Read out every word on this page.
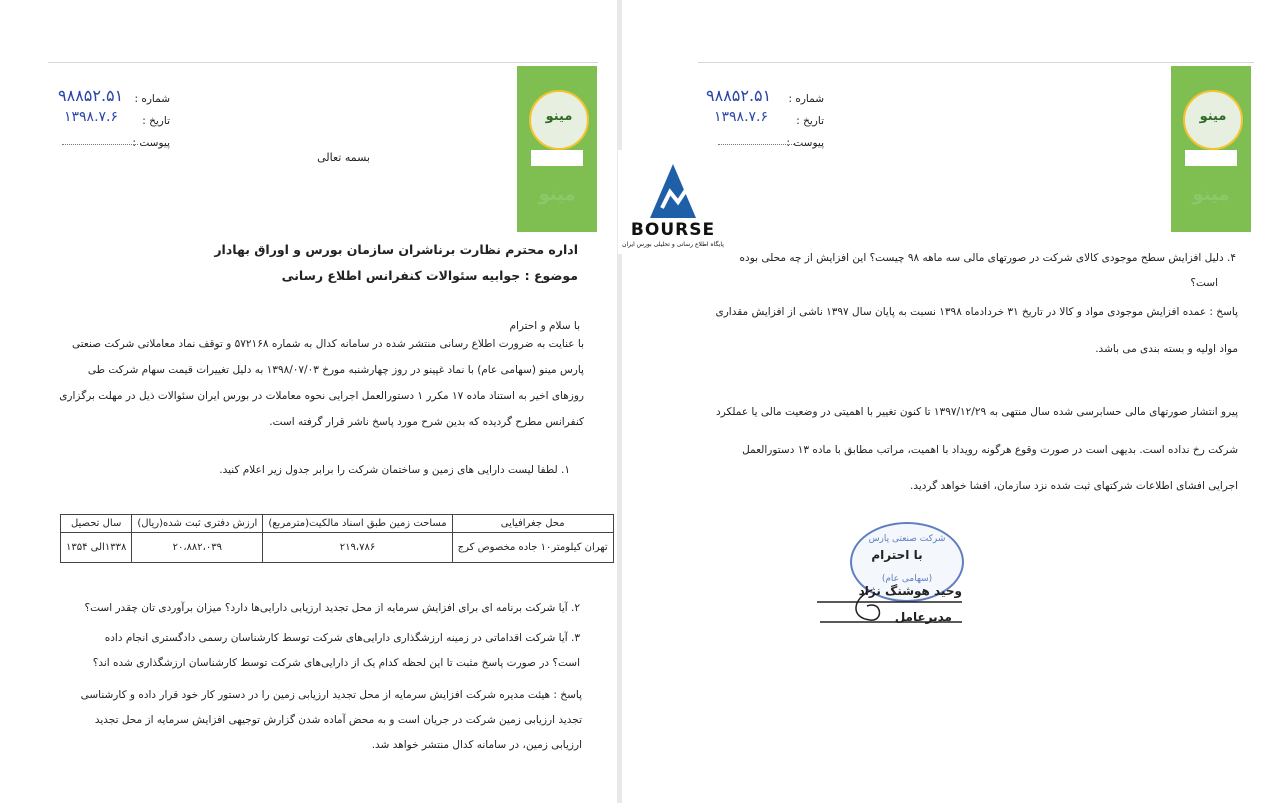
شماره :
۹۸۸۵۲.۵۱
تاریخ :
۱۳۹۸.۷.۶
پیوست :
مینو
شرکت صنعتی پارس
مینو
(سهامی عام)
بسمه تعالی
اداره محترم نظارت برناشران سازمان بورس و اوراق بهادار
موضوع : جوابیه سئوالات کنفرانس اطلاع رسانی
با سلام و احترام
با عنایت به ضرورت اطلاع رسانی منتشر شده در سامانه کدال به شماره ۵۷۲۱۶۸ و توقف نماد معاملاتی شرکت صنعتی
پارس مینو (سهامی عام) با نماد غپینو در روز چهارشنبه مورخ ۱۳۹۸/۰۷/۰۳ به دلیل تغییرات قیمت سهام شرکت طی
روزهای اخیر به استناد ماده ۱۷ مکرر ۱ دستورالعمل اجرایی نحوه معاملات در بورس ایران سئوالات ذیل در مهلت برگزاری
کنفرانس مطرح گردیده که بدین شرح مورد پاسخ ناشر قرار گرفته است.
۱. لطفا لیست دارایی های زمین و ساختمان شرکت را برابر جدول زیر اعلام کنید.
محل جغرافیایی	مساحت زمین طبق اسناد مالکیت(مترمربع)	ارزش دفتری ثبت شده(ریال)	سال تحصیل
تهران کیلومتر۱۰ جاده مخصوص کرج	۲۱۹،۷۸۶	۲۰،۸۸۲،۰۳۹	۱۳۳۸الی ۱۳۵۴
۲. آیا شرکت برنامه ای برای افزایش سرمایه از محل تجدید ارزیابی دارایی‌ها دارد؟ میزان برآوردی تان چقدر است؟
۳. آیا شرکت اقداماتی در زمینه ارزشگذاری دارایی‌های شرکت توسط کارشناسان رسمی دادگستری انجام داده
است؟ در صورت پاسخ مثبت تا این لحظه کدام یک از دارایی‌های شرکت توسط کارشناسان ارزشگذاری شده اند؟
پاسخ : هیئت مدیره شرکت افزایش سرمایه از محل تجدید ارزیابی زمین را در دستور کار خود قرار داده و کارشناسی
تجدید ارزیابی زمین شرکت در جریان است و به محض آماده شدن گزارش توجیهی افزایش سرمایه از محل تجدید
ارزیابی زمین، در سامانه کدال منتشر خواهد شد.
شماره :
۹۸۸۵۲.۵۱
تاریخ :
۱۳۹۸.۷.۶
پیوست :
مینو
شرکت صنعتی پارس
مینو
(سهامی عام)
۴. دلیل افزایش سطح موجودی کالای شرکت در صورتهای مالی سه ماهه ۹۸ چیست؟ این افزایش از چه محلی بوده
است؟
پاسخ : عمده افزایش موجودی مواد و کالا در تاریخ ۳۱ خردادماه ۱۳۹۸ نسبت به پایان سال ۱۳۹۷ ناشی از افزایش مقداری
مواد اولیه و بسته بندی می باشد.
پیرو انتشار صورتهای مالی حسابرسی شده سال منتهی به ۱۳۹۷/۱۲/۲۹ تا کنون تغییر با اهمیتی در وضعیت مالی یا عملکرد
شرکت رخ نداده است. بدیهی است در صورت وقوع هرگونه رویداد با اهمیت، مراتب مطابق با ماده ۱۳ دستورالعمل
اجرایی افشای اطلاعات شرکتهای ثبت شده نزد سازمان، افشا خواهد گردید.
شرکت صنعتی پارس
(سهامی عام)
با احترام
وحید هوشنگ نژاد
مدیرعامل
BOURSE
پایگاه اطلاع رسانی و تحلیلی بورس ایران
